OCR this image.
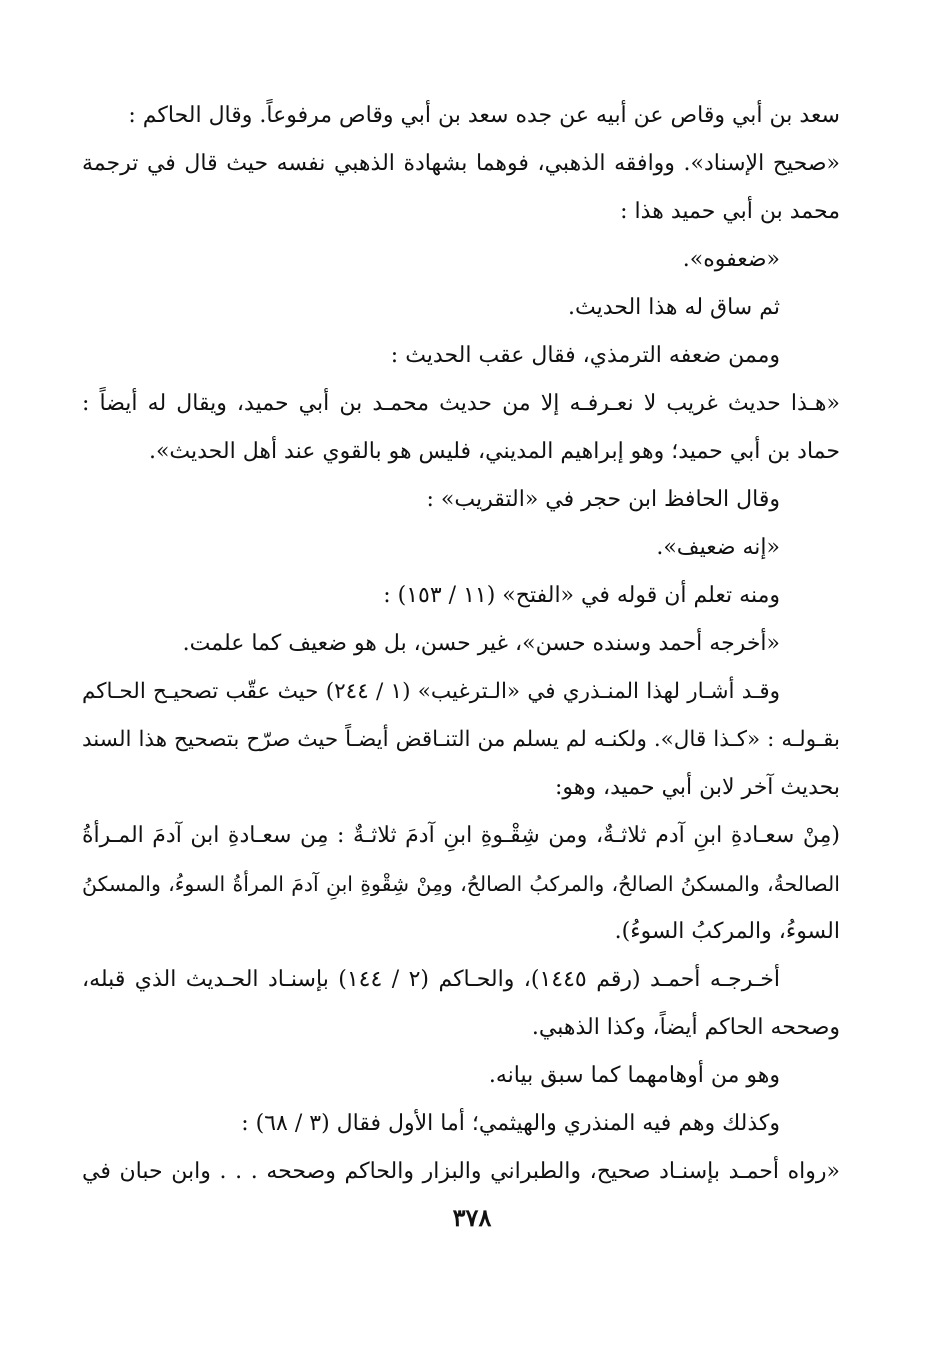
سعد بن أبي وقاص عن أبيه عن جده سعد بن أبي وقاص مرفوعاً. وقال الحاكم :
«صحيح الإسناد». ووافقه الذهبي، فوهما بشهادة الذهبي نفسه حيث قال في ترجمة
محمد بن أبي حميد هذا :
«ضعفوه».
ثم ساق له هذا الحديث.
وممن ضعفه الترمذي، فقال عقب الحديث :
«هـذا حديث غريب لا نعـرفـه إلا من حديث محمـد بن أبي حميد، ويقال له أيضاً :
حماد بن أبي حميد؛ وهو إبراهيم المديني، فليس هو بالقوي عند أهل الحديث».
وقال الحافظ ابن حجر في «التقريب» :
«إنه ضعيف».
ومنه تعلم أن قوله في «الفتح» (١١ / ١٥٣) :
«أخرجه أحمد وسنده حسن»، غير حسن، بل هو ضعيف كما علمت.
وقـد أشـار لهذا المنـذري في «الـترغيب» (١ / ٢٤٤) حيث عقّب تصحيـح الحـاكم
بقـولـه : «كـذا قال». ولكنـه لم يسلم من التنـاقض أيضـاً حيث صرّح بتصحيح هذا السند
بحديث آخر لابن أبي حميد، وهو:
(مِنْ سعـادةِ ابنِ آدم ثلاثـةٌ، ومن شِقْـوةِ ابنِ آدمَ ثلاثـةٌ : مِن سعـادةِ ابن آدمَ المـرأةُ
الصالحةُ، والمسكنُ الصالحُ، والمركبُ الصالحُ، ومِنْ شِقْوةِ ابنِ آدمَ المرأةُ السوءُ، والمسكنُ
السوءُ، والمركبُ السوءُ).
أخـرجـه أحمـد (رقم ١٤٤٥)، والحـاكم (٢ / ١٤٤) بإسنـاد الحـديث الذي قبله،
وصححه الحاكم أيضاً، وكذا الذهبي.
وهو من أوهامهما كما سبق بيانه.
وكذلك وهم فيه المنذري والهيثمي؛ أما الأول فقال (٣ / ٦٨) :
«رواه أحمـد بإسنـاد صحيح، والطبراني والبزار والحاكم وصححه . . . وابن حبان في
٣٧٨
